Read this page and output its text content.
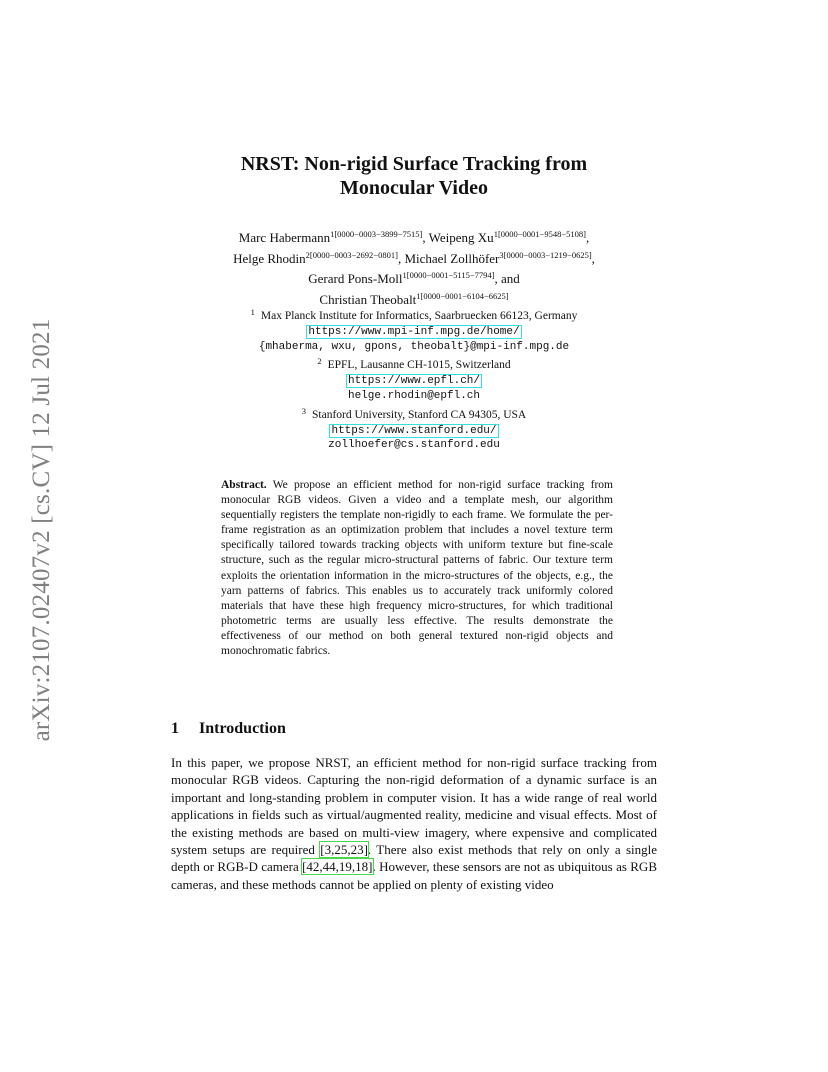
arXiv:2107.02407v2 [cs.CV] 12 Jul 2021
NRST: Non-rigid Surface Tracking from
Monocular Video
Marc Habermann$^{1[0000-0003-3899-7515]}$, Weipeng $Xu^{1[0000-0001-9548-5108]}$,
Helge Rhodin$^{2[0000-0003-2692-0801]}$, Michael Zollhöfer$^{3[0000-0003-1219-0625]}$,
Gerard Pons-Moll$^{1[0000-0001-5115-7794]}$, and
Christian Theobalt$^{1[0000-0001-6104-6625]}$
$^1$ Max Planck Institute for Informatics, Saarbruecken 66123, Germany
https://www.mpi-inf.mpg.de/home/
{mhaberma, wxu, gpons, theobalt}@mpi-inf.mpg.de
$^2$ EPFL, Lausanne CH-1015, Switzerland
https://www.epfl.ch/
helge.rhodin@epfl.ch
$^3$ Stanford University, Stanford CA 94305, USA
https://www.stanford.edu/
zollhoefer@cs.stanford.edu
Abstract. We propose an efficient method for non-rigid surface tracking from monocular RGB videos. Given a video and a template mesh, our algorithm sequentially registers the template non-rigidly to each frame. We formulate the per-frame registration as an optimization problem that includes a novel texture term specifically tailored towards tracking objects with uniform texture but fine-scale structure, such as the regular micro-structural patterns of fabric. Our texture term exploits the orientation information in the micro-structures of the objects, e.g., the yarn patterns of fabrics. This enables us to accurately track uniformly colored materials that have these high frequency micro-structures, for which traditional photometric terms are usually less effective. The results demonstrate the effectiveness of our method on both general textured non-rigid objects and monochromatic fabrics.
1 Introduction
In this paper, we propose NRST, an efficient method for non-rigid surface tracking from monocular RGB videos. Capturing the non-rigid deformation of a dynamic surface is an important and long-standing problem in computer vision. It has a wide range of real world applications in fields such as virtual/augmented reality, medicine and visual effects. Most of the existing methods are based on multi-view imagery, where expensive and complicated system setups are required [3,25,23]. There also exist methods that rely on only a single depth or RGB-D camera [42,44,19,18]. However, these sensors are not as ubiquitous as RGB cameras, and these methods cannot be applied on plenty of existing video
